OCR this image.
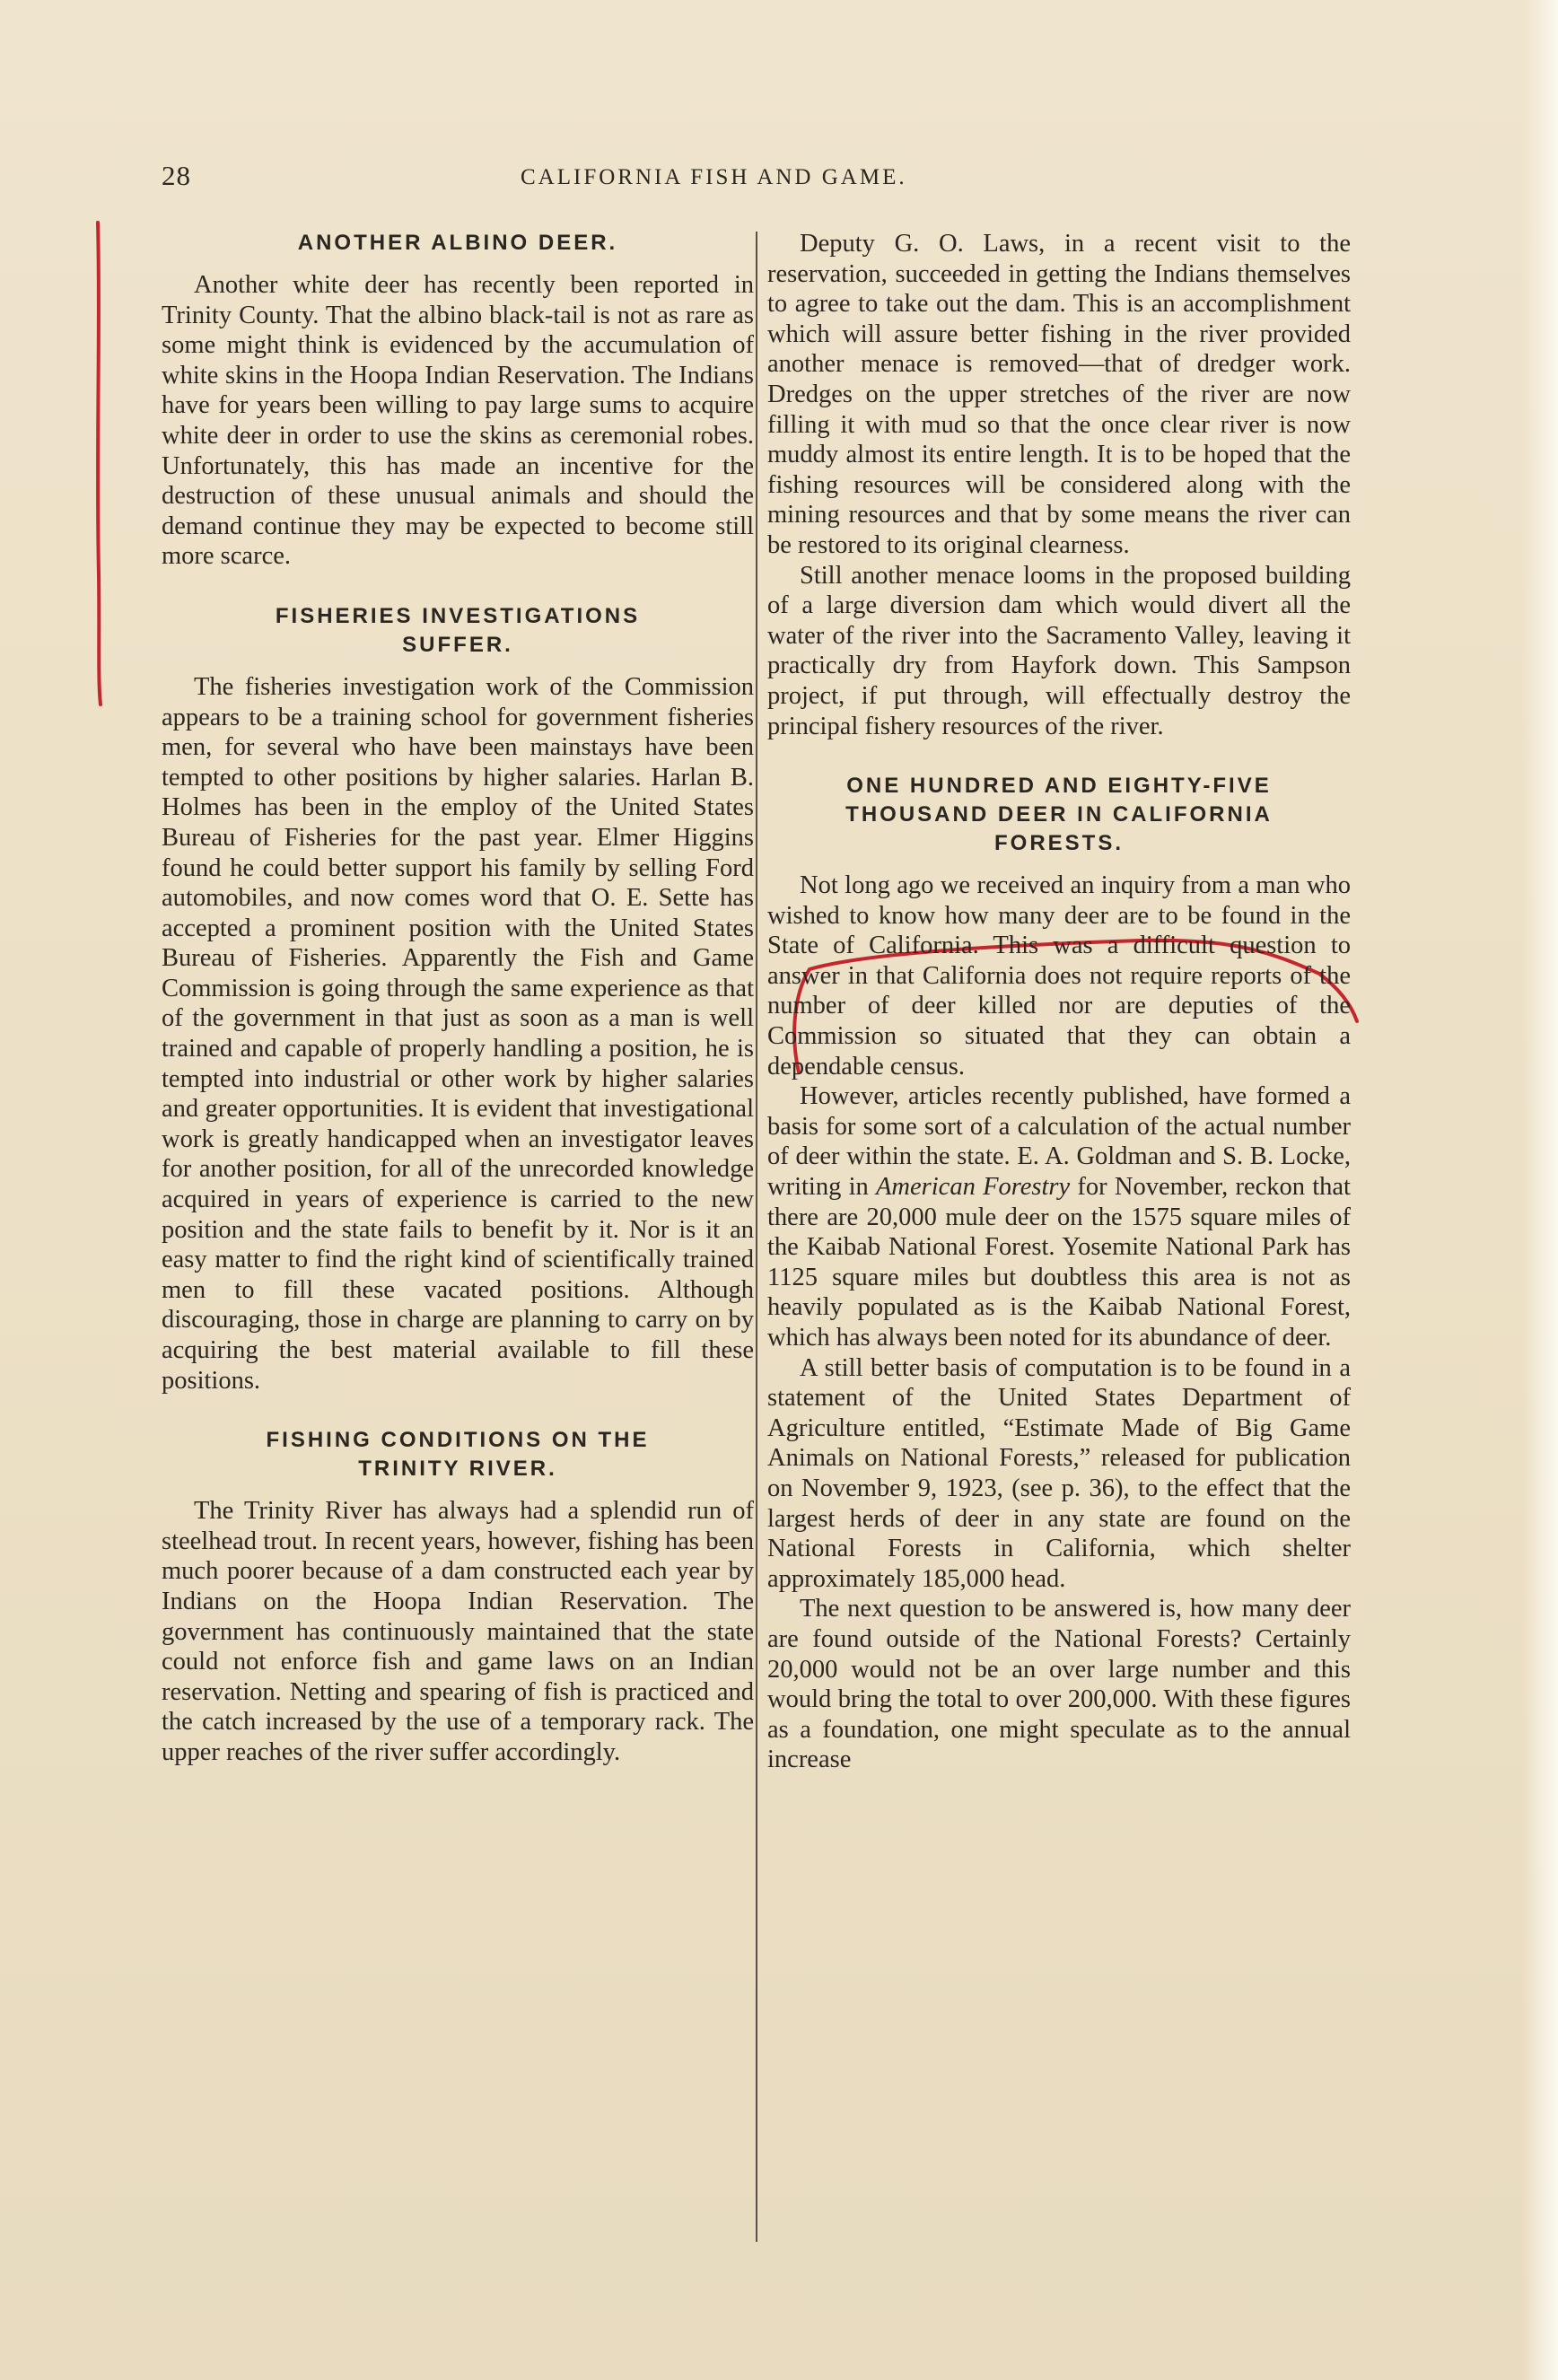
28	CALIFORNIA FISH AND GAME.

ANOTHER ALBINO DEER.

Another white deer has recently been reported in Trinity County. That the albino black-tail is not as rare as some might think is evidenced by the accumulation of white skins in the Hoopa Indian Reservation. The Indians have for years been willing to pay large sums to acquire white deer in order to use the skins as ceremonial robes. Unfortunately, this has made an incentive for the destruction of these unusual animals and should the demand continue they may be expected to become still more scarce.

FISHERIES INVESTIGATIONS
SUFFER.

The fisheries investigation work of the Commission appears to be a training school for government fisheries men, for several who have been mainstays have been tempted to other positions by higher salaries. Harlan B. Holmes has been in the employ of the United States Bureau of Fisheries for the past year. Elmer Higgins found he could better support his family by selling Ford automobiles, and now comes word that O. E. Sette has accepted a prominent position with the United States Bureau of Fisheries. Apparently the Fish and Game Commission is going through the same experience as that of the government in that just as soon as a man is well trained and capable of properly handling a position, he is tempted into industrial or other work by higher salaries and greater opportunities. It is evident that investigational work is greatly handicapped when an investigator leaves for another position, for all of the unrecorded knowledge acquired in years of experience is carried to the new position and the state fails to benefit by it. Nor is it an easy matter to find the right kind of scientifically trained men to fill these vacated positions. Although discouraging, those in charge are planning to carry on by acquiring the best material available to fill these positions.

FISHING CONDITIONS ON THE
TRINITY RIVER.

The Trinity River has always had a splendid run of steelhead trout. In recent years, however, fishing has been much poorer because of a dam constructed each year by Indians on the Hoopa Indian Reservation. The government has continuously maintained that the state could not enforce fish and game laws on an Indian reservation. Netting and spearing of fish is practiced and the catch increased by the use of a temporary rack. The upper reaches of the river suffer accordingly.

Deputy G. O. Laws, in a recent visit to the reservation, succeeded in getting the Indians themselves to agree to take out the dam. This is an accomplishment which will assure better fishing in the river provided another menace is removed—that of dredger work. Dredges on the upper stretches of the river are now filling it with mud so that the once clear river is now muddy almost its entire length. It is to be hoped that the fishing resources will be considered along with the mining resources and that by some means the river can be restored to its original clearness.

Still another menace looms in the proposed building of a large diversion dam which would divert all the water of the river into the Sacramento Valley, leaving it practically dry from Hayfork down. This Sampson project, if put through, will effectually destroy the principal fishery resources of the river.

ONE HUNDRED AND EIGHTY-FIVE
THOUSAND DEER IN CALIFORNIA
FORESTS.

Not long ago we received an inquiry from a man who wished to know how many deer are to be found in the State of California. This was a difficult question to answer in that California does not require reports of the number of deer killed nor are deputies of the Commission so situated that they can obtain a dependable census.

However, articles recently published, have formed a basis for some sort of a calculation of the actual number of deer within the state. E. A. Goldman and S. B. Locke, writing in American Forestry for November, reckon that there are 20,000 mule deer on the 1575 square miles of the Kaibab National Forest. Yosemite National Park has 1125 square miles but doubtless this area is not as heavily populated as is the Kaibab National Forest, which has always been noted for its abundance of deer.

A still better basis of computation is to be found in a statement of the United States Department of Agriculture entitled, “Estimate Made of Big Game Animals on National Forests,” released for publication on November 9, 1923, (see p. 36), to the effect that the largest herds of deer in any state are found on the National Forests in California, which shelter approximately 185,000 head.

The next question to be answered is, how many deer are found outside of the National Forests? Certainly 20,000 would not be an over large number and this would bring the total to over 200,000. With these figures as a foundation, one might speculate as to the annual increase
